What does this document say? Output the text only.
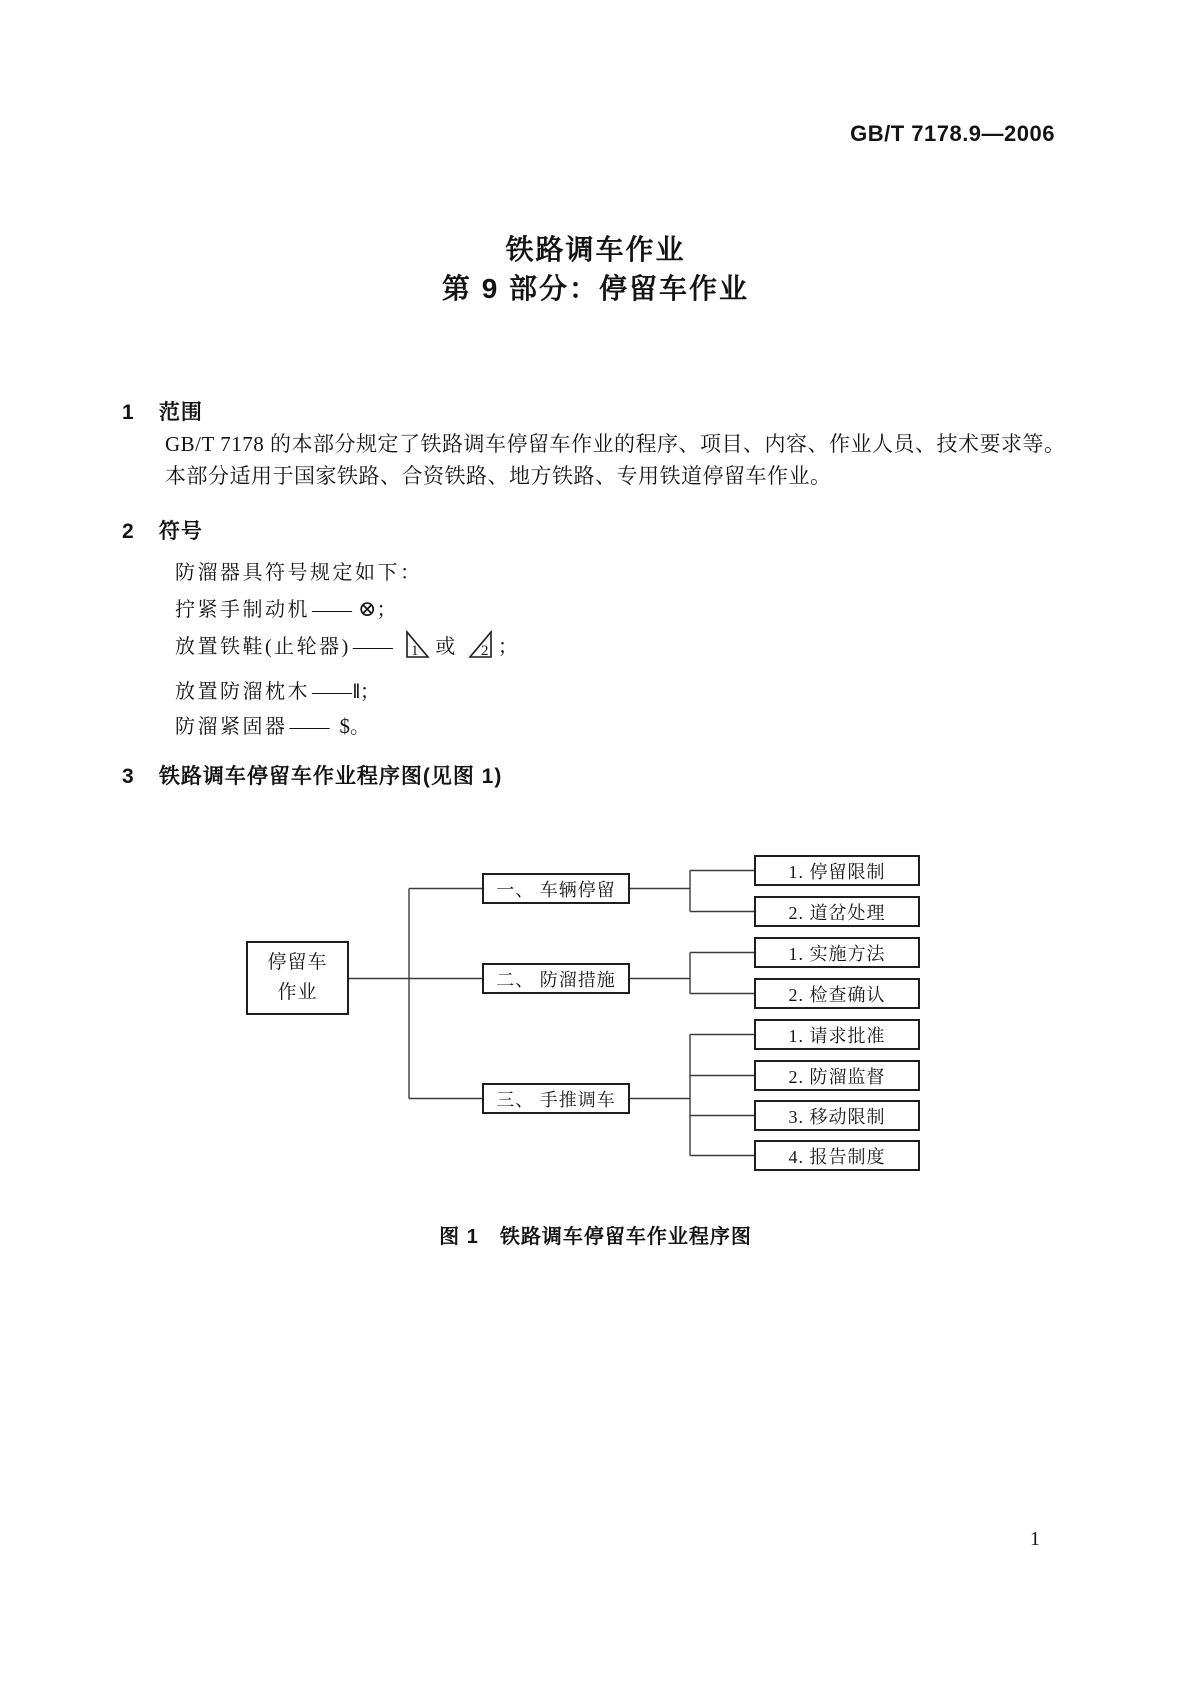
GB/T 7178.9—2006
铁路调车作业
第 9 部分：停留车作业
1 范围
GB/T 7178 的本部分规定了铁路调车停留车作业的程序、项目、内容、作业人员、技术要求等。
本部分适用于国家铁路、合资铁路、地方铁路、专用铁道停留车作业。
2 符号
防溜器具符号规定如下：
拧紧手制动机 —— ⊗；
放置铁鞋(止轮器) —— 1 或 2 ；
放置防溜枕木 ——‖；
防溜紧固器 —— $。
3 铁路调车停留车作业程序图(见图 1)
停留车
作业
一、 车辆停留
二、 防溜措施
三、 手推调车
1. 停留限制
2. 道岔处理
1. 实施方法
2. 检查确认
1. 请求批准
2. 防溜监督
3. 移动限制
4. 报告制度
图 1　铁路调车停留车作业程序图
1
